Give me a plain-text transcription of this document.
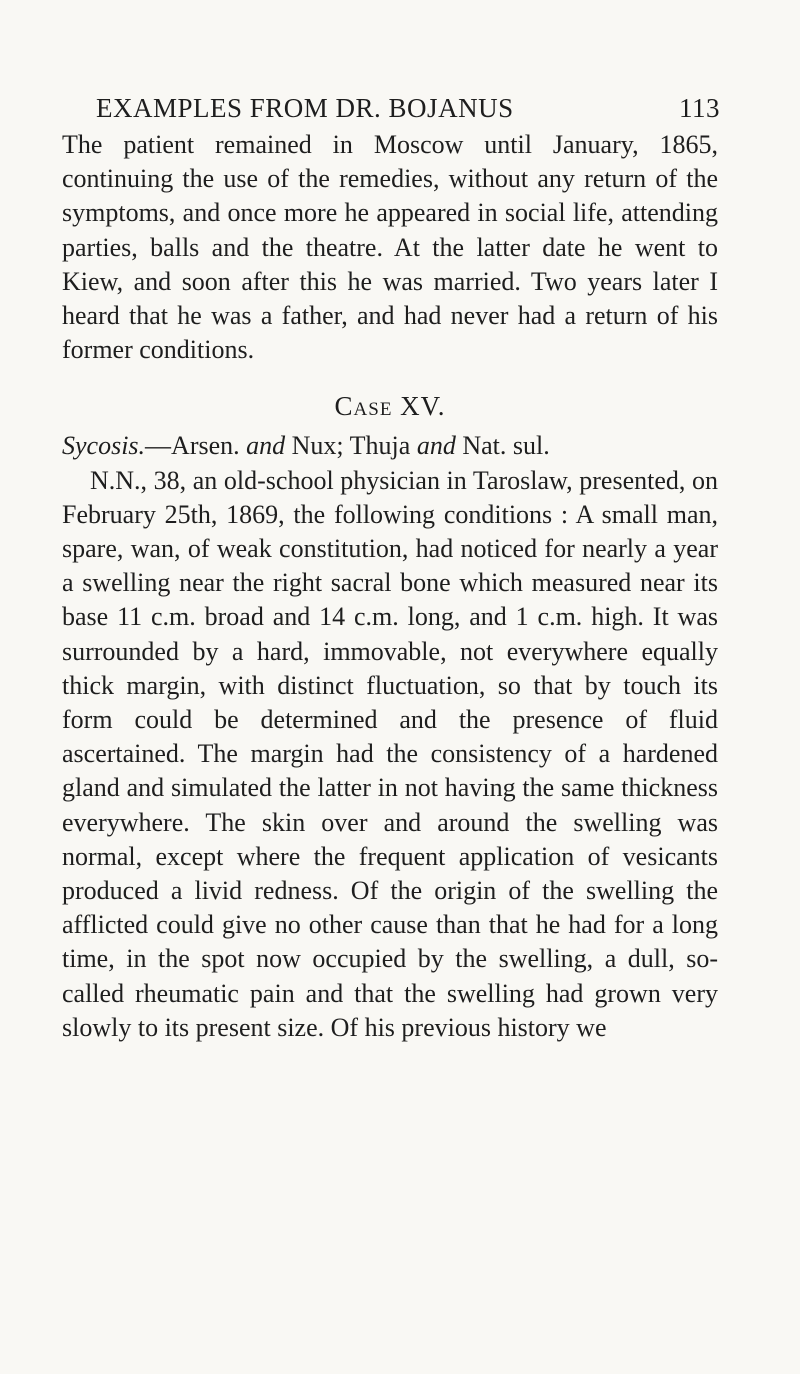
EXAMPLES FROM DR. BOJANUS	113

The patient remained in Moscow until January, 1865, continuing the use of the remedies, without any return of the symptoms, and once more he appeared in social life, attending parties, balls and the theatre. At the latter date he went to Kiew, and soon after this he was married. Two years later I heard that he was a father, and had never had a return of his former conditions.

Case XV.

Sycosis.—Arsen. and Nux; Thuja and Nat. sul.

N.N., 38, an old-school physician in Taroslaw, presented, on February 25th, 1869, the following conditions : A small man, spare, wan, of weak constitution, had noticed for nearly a year a swelling near the right sacral bone which measured near its base 11 c.m. broad and 14 c.m. long, and 1 c.m. high. It was surrounded by a hard, immovable, not everywhere equally thick margin, with distinct fluctuation, so that by touch its form could be determined and the presence of fluid ascertained. The margin had the consistency of a hardened gland and simulated the latter in not having the same thickness everywhere. The skin over and around the swelling was normal, except where the frequent application of vesicants produced a livid redness. Of the origin of the swelling the afflicted could give no other cause than that he had for a long time, in the spot now occupied by the swelling, a dull, so-called rheumatic pain and that the swelling had grown very slowly to its present size. Of his previous history we
